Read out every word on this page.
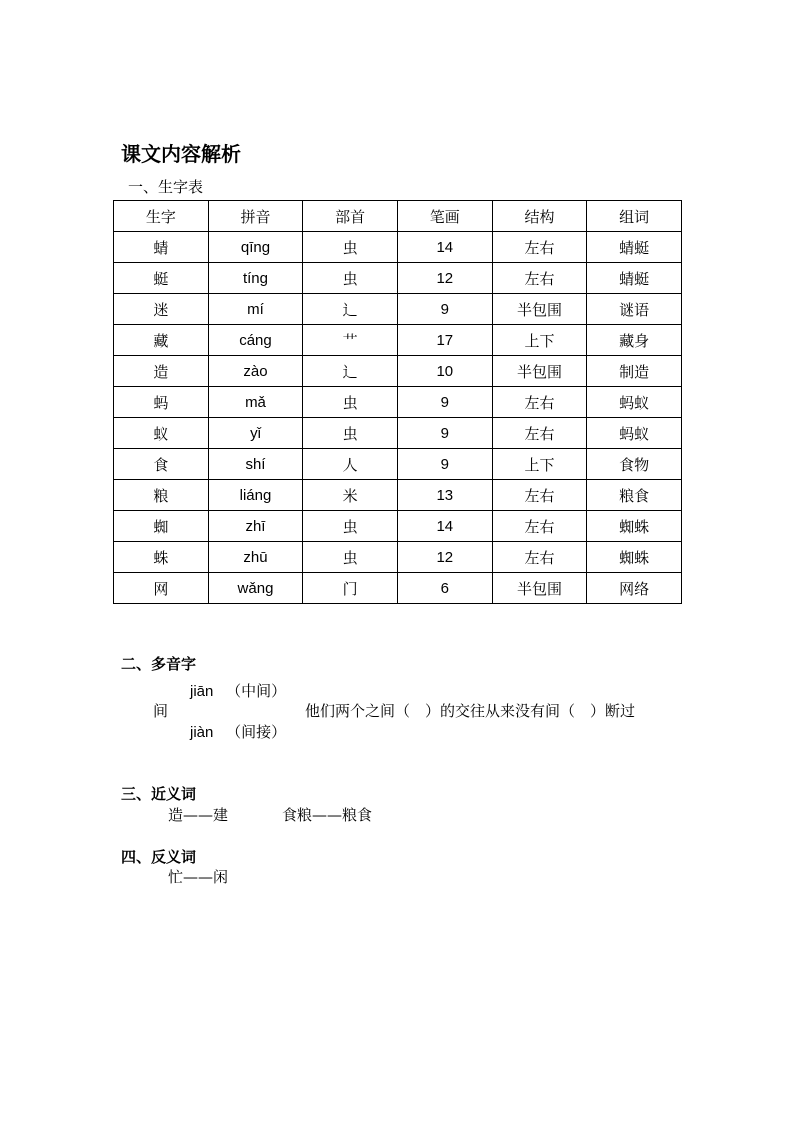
课文内容解析
一、生字表
生字	拼音	部首	笔画	结构	组词
蜻	qīng	虫	14	左右	蜻蜓
蜓	tíng	虫	12	左右	蜻蜓
迷	mí	辶	9	半包围	谜语
藏	cáng	艹	17	上下	藏身
造	zào	辶	10	半包围	制造
蚂	mǎ	虫	9	左右	蚂蚁
蚁	yǐ	虫	9	左右	蚂蚁
食	shí	人	9	上下	食物
粮	liáng	米	13	左右	粮食
蜘	zhī	虫	14	左右	蜘蛛
蛛	zhū	虫	12	左右	蜘蛛
网	wǎng	门	6	半包围	网络
二、多音字
jiān （中间）
间	他们两个之间（　）的交往从来没有间（　）断过
jiàn （间接）
三、近义词
造——建	食粮——粮食
四、反义词
忙——闲
